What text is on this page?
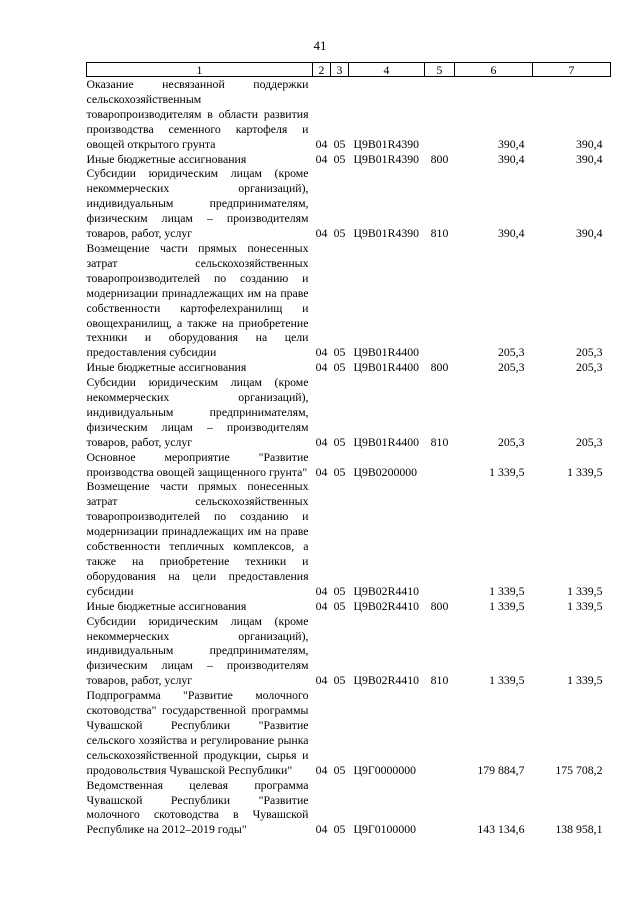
41
1	2	3	4	5	6	7
Оказание несвязанной поддержки сельскохозяйственным товаропроизводителям в области развития производства семенного картофеля и овощей открытого грунта	04	05	Ц9В01R4390		390,4	390,4
Иные бюджетные ассигнования	04	05	Ц9В01R4390	800	390,4	390,4
Субсидии юридическим лицам (кроме некоммерческих организаций), индивидуальным предпринимателям, физическим лицам – производителям товаров, работ, услуг	04	05	Ц9В01R4390	810	390,4	390,4
Возмещение части прямых понесенных затрат сельскохозяйственных товаропроизводителей по созданию и модернизации принадлежащих им на праве собственности картофелехранилищ и овощехранилищ, а также на приобретение техники и оборудования на цели предоставления субсидии	04	05	Ц9В01R4400		205,3	205,3
Иные бюджетные ассигнования	04	05	Ц9В01R4400	800	205,3	205,3
Субсидии юридическим лицам (кроме некоммерческих организаций), индивидуальным предпринимателям, физическим лицам – производителям товаров, работ, услуг	04	05	Ц9В01R4400	810	205,3	205,3
Основное мероприятие "Развитие производства овощей защищенного грунта"	04	05	Ц9В0200000		1 339,5	1 339,5
Возмещение части прямых понесенных затрат сельскохозяйственных товаропроизводителей по созданию и модернизации принадлежащих им на праве собственности тепличных комплексов, а также на приобретение техники и оборудования на цели предоставления субсидии	04	05	Ц9В02R4410		1 339,5	1 339,5
Иные бюджетные ассигнования	04	05	Ц9В02R4410	800	1 339,5	1 339,5
Субсидии юридическим лицам (кроме некоммерческих организаций), индивидуальным предпринимателям, физическим лицам – производителям товаров, работ, услуг	04	05	Ц9В02R4410	810	1 339,5	1 339,5
Подпрограмма "Развитие молочного скотоводства" государственной программы Чувашской Республики "Развитие сельского хозяйства и регулирование рынка сельскохозяйственной продукции, сырья и продовольствия Чувашской Республики"	04	05	Ц9Г0000000		179 884,7	175 708,2
Ведомственная целевая программа Чувашской Республики "Развитие молочного скотоводства в Чувашской Республике на 2012–2019 годы"	04	05	Ц9Г0100000		143 134,6	138 958,1
